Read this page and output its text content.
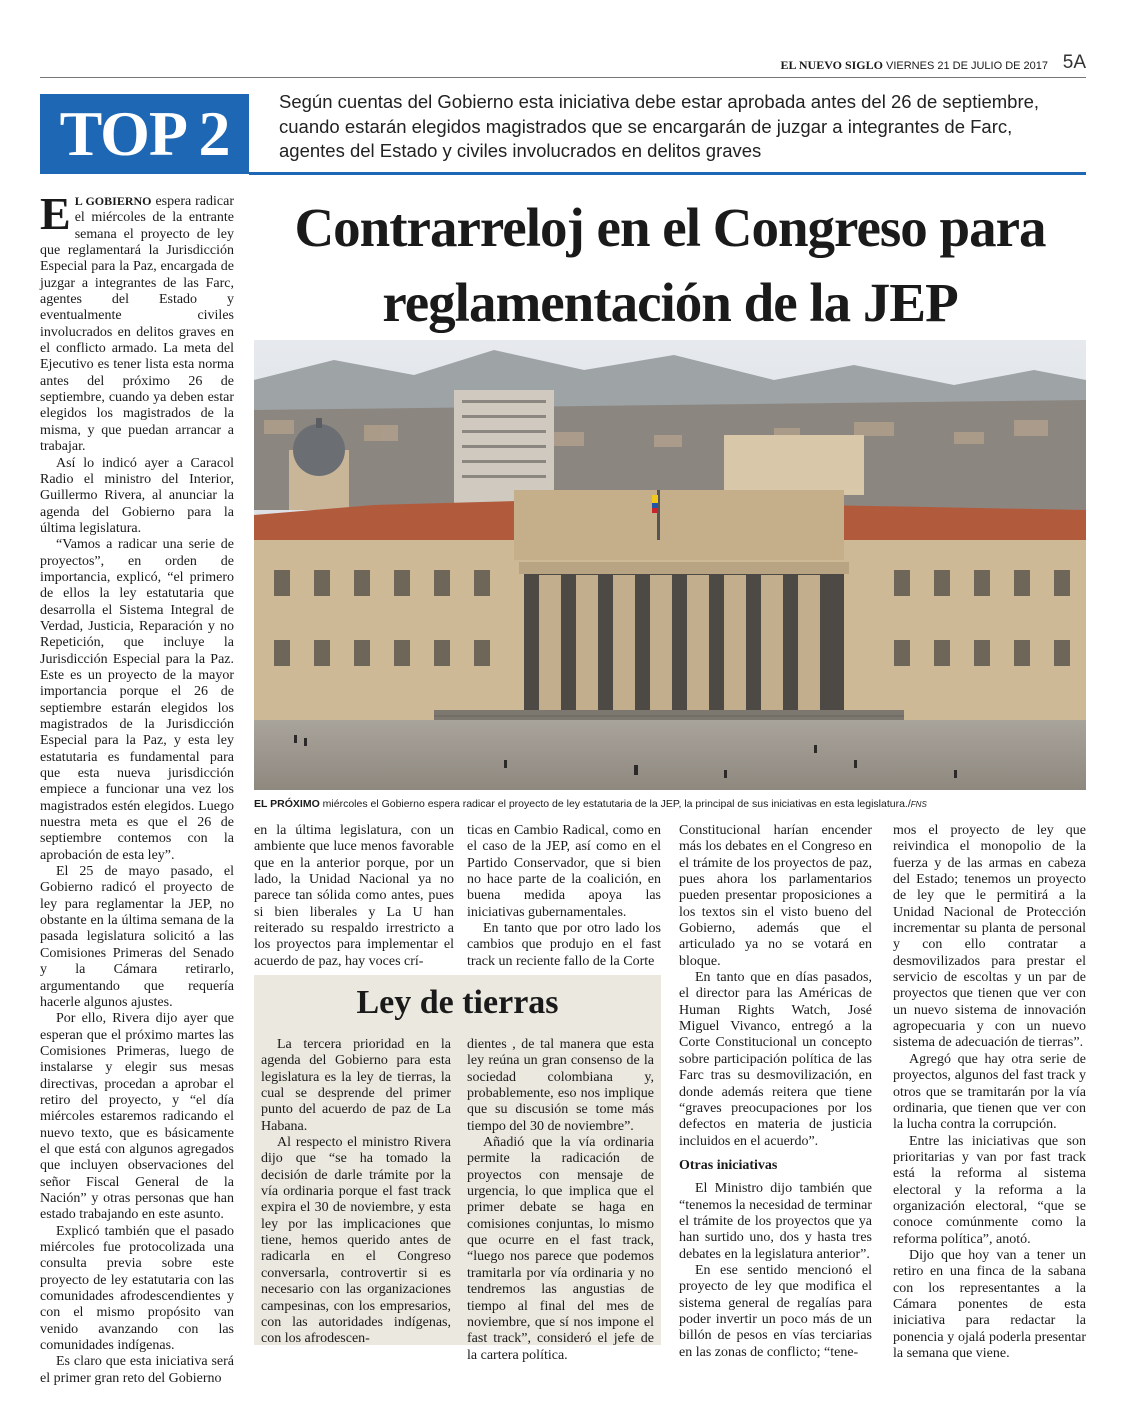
EL NUEVO SIGLO VIERNES 21 DE JULIO DE 2017 5A
TOP 2	Según cuentas del Gobierno esta iniciativa debe estar aprobada antes del 26 de septiembre, cuando estarán elegidos magistrados que se encargarán de juzgar a integrantes de Farc, agentes del Estado y civiles involucrados en delitos graves
Contrarreloj en el Congreso para
reglamentación de la JEP
EL PRÓXIMO miércoles el Gobierno espera radicar el proyecto de ley estatutaria de la JEP, la principal de sus iniciativas en esta legislatura./FNS

E L GOBIERNO espera radicar el miércoles de la entrante semana el proyecto de ley que reglamentará la Jurisdicción Especial para la Paz, encargada de juzgar a integrantes de las Farc, agentes del Estado y eventualmente civiles involucrados en delitos graves en el conflicto armado. La meta del Ejecutivo es tener lista esta norma antes del próximo 26 de septiembre, cuando ya deben estar elegidos los magistrados de la misma, y que puedan arrancar a trabajar.

Así lo indicó ayer a Caracol Radio el ministro del Interior, Guillermo Rivera, al anunciar la agenda del Gobierno para la última legislatura.

“Vamos a radicar una serie de proyectos”, en orden de importancia, explicó, “el primero de ellos la ley estatutaria que desarrolla el Sistema Integral de Verdad, Justicia, Reparación y no Repetición, que incluye la Jurisdicción Especial para la Paz. Este es un proyecto de la mayor importancia porque el 26 de septiembre estarán elegidos los magistrados de la Jurisdicción Especial para la Paz, y esta ley estatutaria es fundamental para que esta nueva jurisdicción empiece a funcionar una vez los magistrados estén elegidos. Luego nuestra meta es que el 26 de septiembre contemos con la aprobación de esta ley”.

El 25 de mayo pasado, el Gobierno radicó el proyecto de ley para reglamentar la JEP, no obstante en la última semana de la pasada legislatura solicitó a las Comisiones Primeras del Senado y la Cámara retirarlo, argumentando que requería hacerle algunos ajustes.

Por ello, Rivera dijo ayer que esperan que el próximo martes las Comisiones Primeras, luego de instalarse y elegir sus mesas directivas, procedan a aprobar el retiro del proyecto, y “el día miércoles estaremos radicando el nuevo texto, que es básicamente el que está con algunos agregados que incluyen observaciones del señor Fiscal General de la Nación” y otras personas que han estado trabajando en este asunto.

Explicó también que el pasado miércoles fue protocolizada una consulta previa sobre este proyecto de ley estatutaria con las comunidades afrodescendientes y con el mismo propósito van venido avanzando con las comunidades indígenas.

Es claro que esta iniciativa será el primer gran reto del Gobierno

en la última legislatura, con un ambiente que luce menos favorable que en la anterior porque, por un lado, la Unidad Nacional ya no parece tan sólida como antes, pues si bien liberales y La U han reiterado su respaldo irrestricto a los proyectos para implementar el acuerdo de paz, hay voces crí-

ticas en Cambio Radical, como en el caso de la JEP, así como en el Partido Conservador, que si bien no hace parte de la coalición, en buena medida apoya las iniciativas gubernamentales.

En tanto que por otro lado los cambios que produjo en el fast track un reciente fallo de la Corte

Constitucional harían encender más los debates en el Congreso en el trámite de los proyectos de paz, pues ahora los parlamentarios pueden presentar proposiciones a los textos sin el visto bueno del Gobierno, además que el articulado ya no se votará en bloque.

En tanto que en días pasados, el director para las Américas de Human Rights Watch, José Miguel Vivanco, entregó a la Corte Constitucional un concepto sobre participación política de las Farc tras su desmovilización, en donde además reitera que tiene “graves preocupaciones por los defectos en materia de justicia incluidos en el acuerdo”.

Otras iniciativas

El Ministro dijo también que “tenemos la necesidad de terminar el trámite de los proyectos que ya han surtido uno, dos y hasta tres debates en la legislatura anterior”.

En ese sentido mencionó el proyecto de ley que modifica el sistema general de regalías para poder invertir un poco más de un billón de pesos en vías terciarias en las zonas de conflicto; “tene-

mos el proyecto de ley que reivindica el monopolio de la fuerza y de las armas en cabeza del Estado; tenemos un proyecto de ley que le permitirá a la Unidad Nacional de Protección incrementar su planta de personal y con ello contratar a desmovilizados para prestar el servicio de escoltas y un par de proyectos que tienen que ver con un nuevo sistema de innovación agropecuaria y con un nuevo sistema de adecuación de tierras”.

Agregó que hay otra serie de proyectos, algunos del fast track y otros que se tramitarán por la vía ordinaria, que tienen que ver con la lucha contra la corrupción.

Entre las iniciativas que son prioritarias y van por fast track está la reforma al sistema electoral y la reforma a la organización electoral, “que se conoce comúnmente como la reforma política”, anotó.

Dijo que hoy van a tener un retiro en una finca de la sabana con los representantes a la Cámara ponentes de esta iniciativa para redactar la ponencia y ojalá poderla presentar la semana que viene.

Ley de tierras

La tercera prioridad en la agenda del Gobierno para esta legislatura es la ley de tierras, la cual se desprende del primer punto del acuerdo de paz de La Habana.

Al respecto el ministro Rivera dijo que “se ha tomado la decisión de darle trámite por la vía ordinaria porque el fast track expira el 30 de noviembre, y esta ley por las implicaciones que tiene, hemos querido antes de radicarla en el Congreso conversarla, controvertir si es necesario con las organizaciones campesinas, con los empresarios, con las autoridades indígenas, con los afrodescen-

dientes , de tal manera que esta ley reúna un gran consenso de la sociedad colombiana y, probablemente, eso nos implique que su discusión se tome más tiempo del 30 de noviembre”.

Añadió que la vía ordinaria permite la radicación de proyectos con mensaje de urgencia, lo que implica que el primer debate se haga en comisiones conjuntas, lo mismo que ocurre en el fast track, “luego nos parece que podemos tramitarla por vía ordinaria y no tendremos las angustias de tiempo al final del mes de noviembre, que sí nos impone el fast track”, consideró el jefe de la cartera política.
